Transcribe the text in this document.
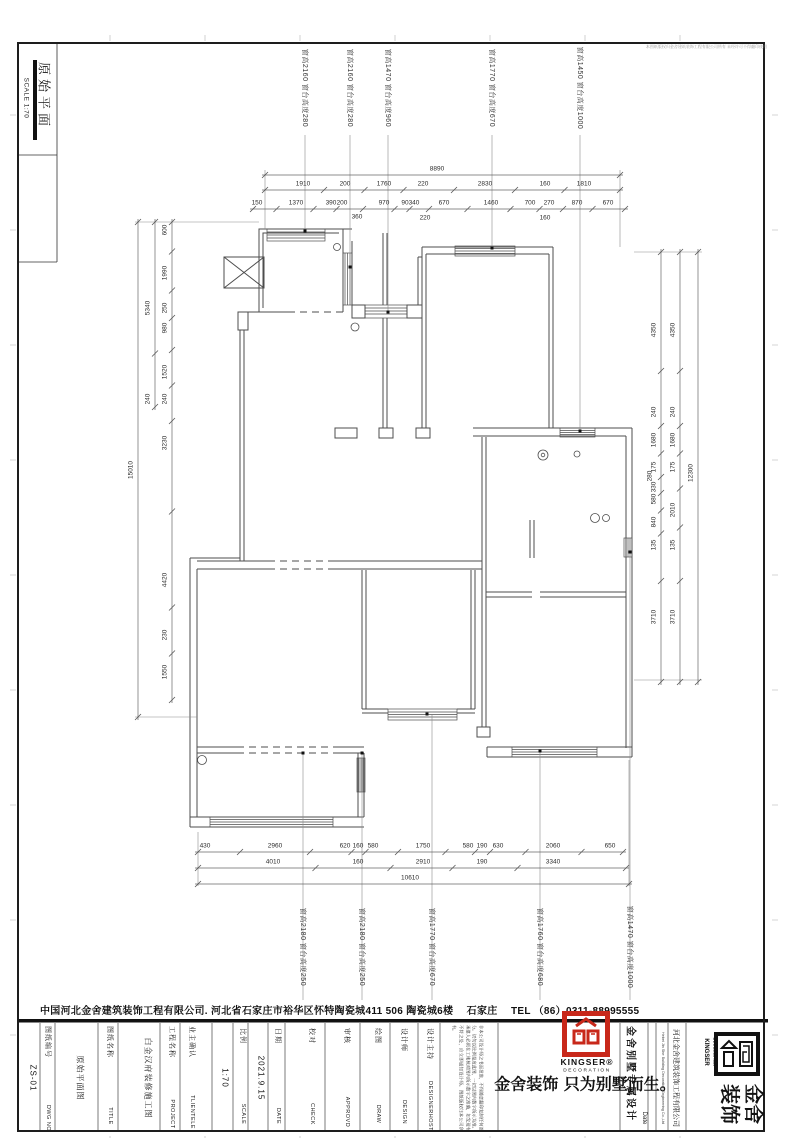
原始平面
SCALE 1:70
本图纸版权归金舍建筑装饰工程有限公司所有 未经许可不得翻印使用
中国河北金舍建筑装饰工程有限公司. 河北省石家庄市裕华区怀特陶瓷城411 506 陶瓷城6楼　 石家庄 　TEL （86）0311-88995555
金舍装饰 只为别墅而生。
KINGSER®
DECORATION 金舍别墅专属设计 Date	河北金舍建筑装饰工程有限公司
Hebei Jin She Building Decoration Engineering Co.,Ltd	KINGSER DECORATION
金舍
装饰
非本公司设计师之书面批准，不得随意翻印复制任何部分。切勿以比例量度此图，一切以图内数字所示为准。承建人必须在工地核对图内所示数字之准确，如发现有不符之处，应立即通知设计师。图纸版权归本公司所有。
8890
1910	200	1760	220	2830	160	1810
150	1370	390 200	970 90 340	670	1460	700 270	870	670
430	2960	620 160 580	1750	580 190 630	2060	650
4010	160	2910	190	3340
10610
600
1990
250
980
1520
240
3230
4420
230
1550
5340
240
15010
4350
240
1680
175
330
580
840
135
3710
4350
240
1680
175
2010
135
3710
12300
360	220	160
280
窗高2160 窗台高度280	窗高2160 窗台高度280	窗高1470 窗台高度960	窗高1770 窗台高度670	窗高1450 窗台高度1000
窗高2180 窗台高度250	窗高2180 窗台高度250	窗高1770 窗台高度670	窗高1760 窗台高度680	窗高1470 窗台高度1000
图纸编号
ZS-01
DWG NO
图纸名称
原始平面图
TITLE
工程名称
白金汉府装修施工图	PROJECT
业主确认
TLIENTELE
比例
1:70
SCALE
日期
2021.9.15
DATE
校对
CHECK
审核
APPROVD
绘图
DRAW
设计师
DESIGN
设计主持
DESIGNERHOST
